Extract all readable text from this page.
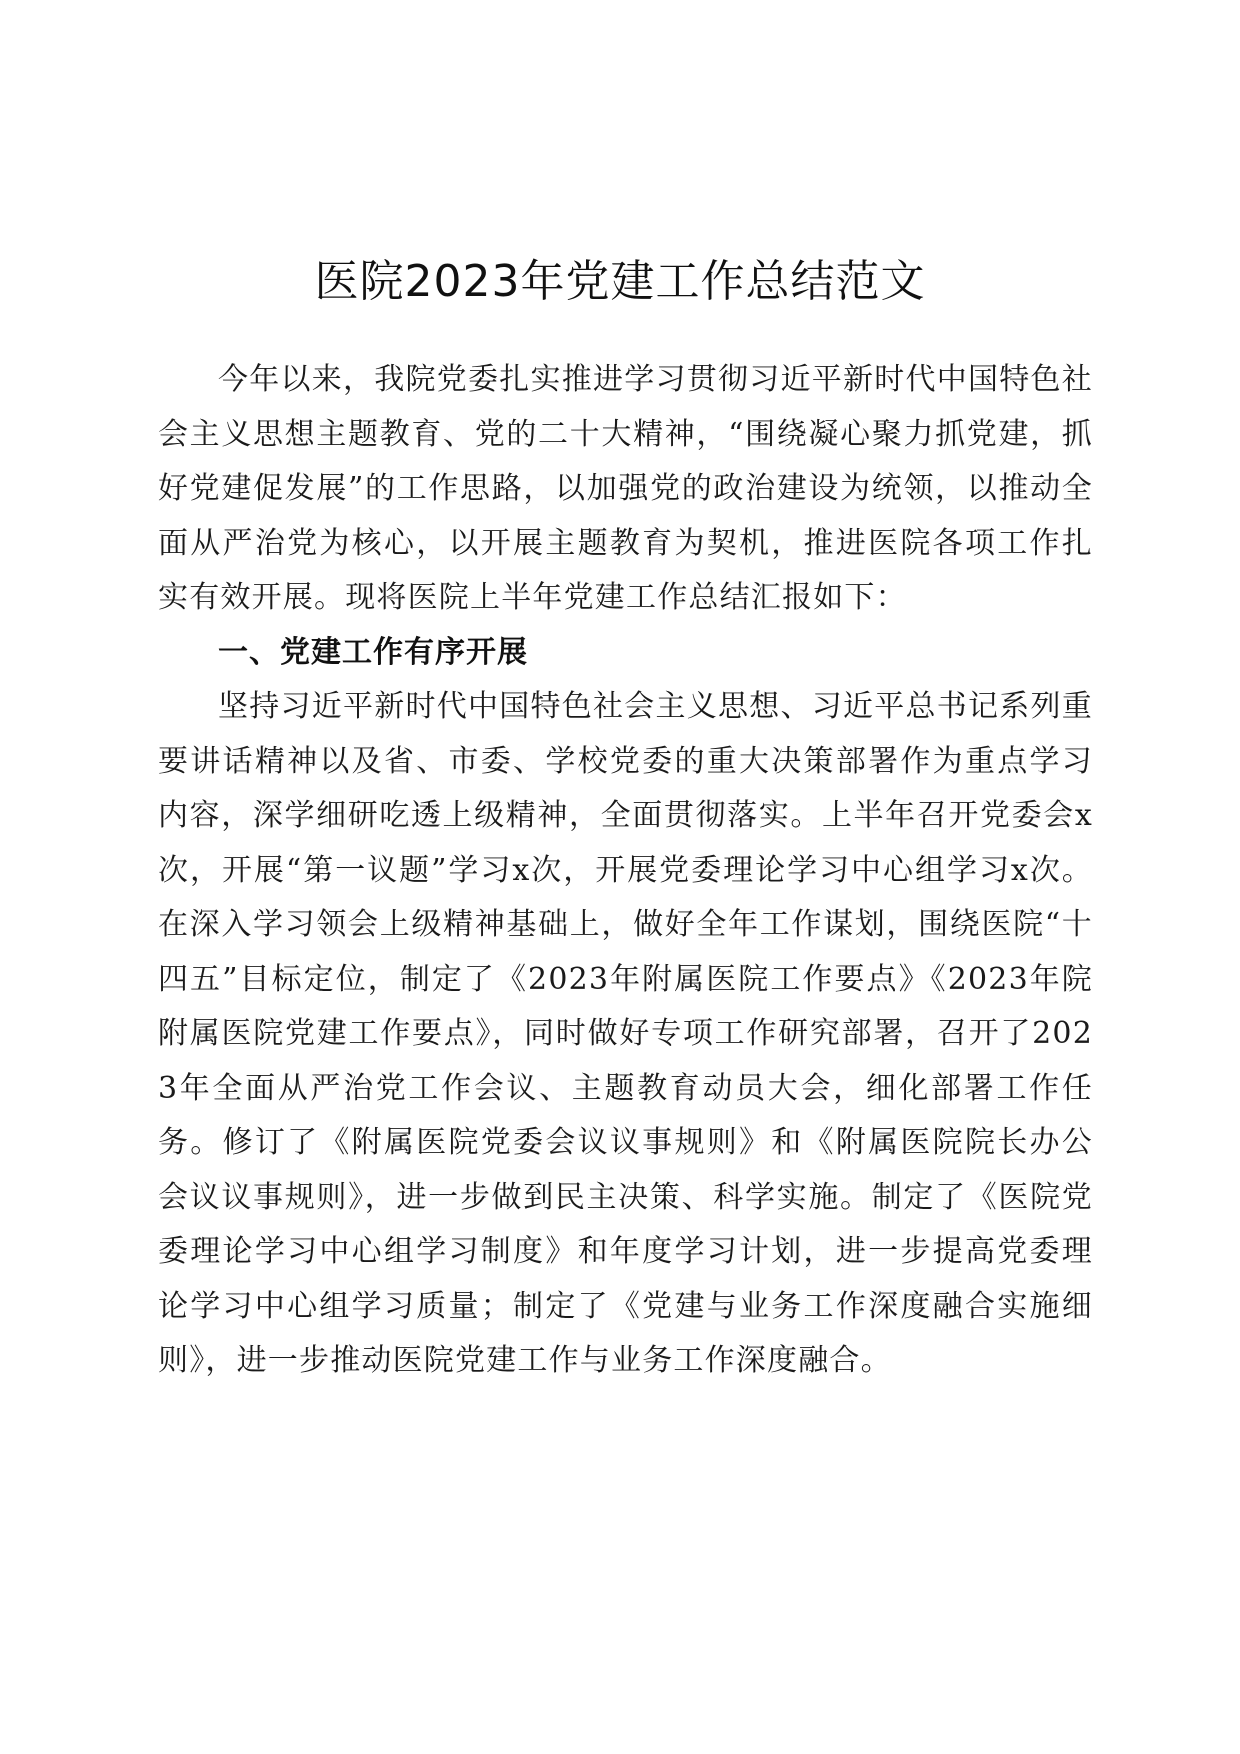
医院2023年党建工作总结范文

今年以来，我院党委扎实推进学习贯彻习近平新时代中国特色社会主义思想主题教育、党的二十大精神，“围绕凝心聚力抓党建，抓好党建促发展”的工作思路，以加强党的政治建设为统领，以推动全面从严治党为核心，以开展主题教育为契机，推进医院各项工作扎实有效开展。现将医院上半年党建工作总结汇报如下：

一、党建工作有序开展

坚持习近平新时代中国特色社会主义思想、习近平总书记系列重要讲话精神以及省、市委、学校党委的重大决策部署作为重点学习内容，深学细研吃透上级精神，全面贯彻落实。上半年召开党委会x次，开展“第一议题”学习x次，开展党委理论学习中心组学习x次。在深入学习领会上级精神基础上，做好全年工作谋划，围绕医院“十四五”目标定位，制定了《2023年附属医院工作要点》《2023年院附属医院党建工作要点》，同时做好专项工作研究部署，召开了2023年全面从严治党工作会议、主题教育动员大会，细化部署工作任务。修订了《附属医院党委会议议事规则》和《附属医院院长办公会议议事规则》，进一步做到民主决策、科学实施。制定了《医院党委理论学习中心组学习制度》和年度学习计划，进一步提高党委理论学习中心组学习质量；制定了《党建与业务工作深度融合实施细则》，进一步推动医院党建工作与业务工作深度融合。
